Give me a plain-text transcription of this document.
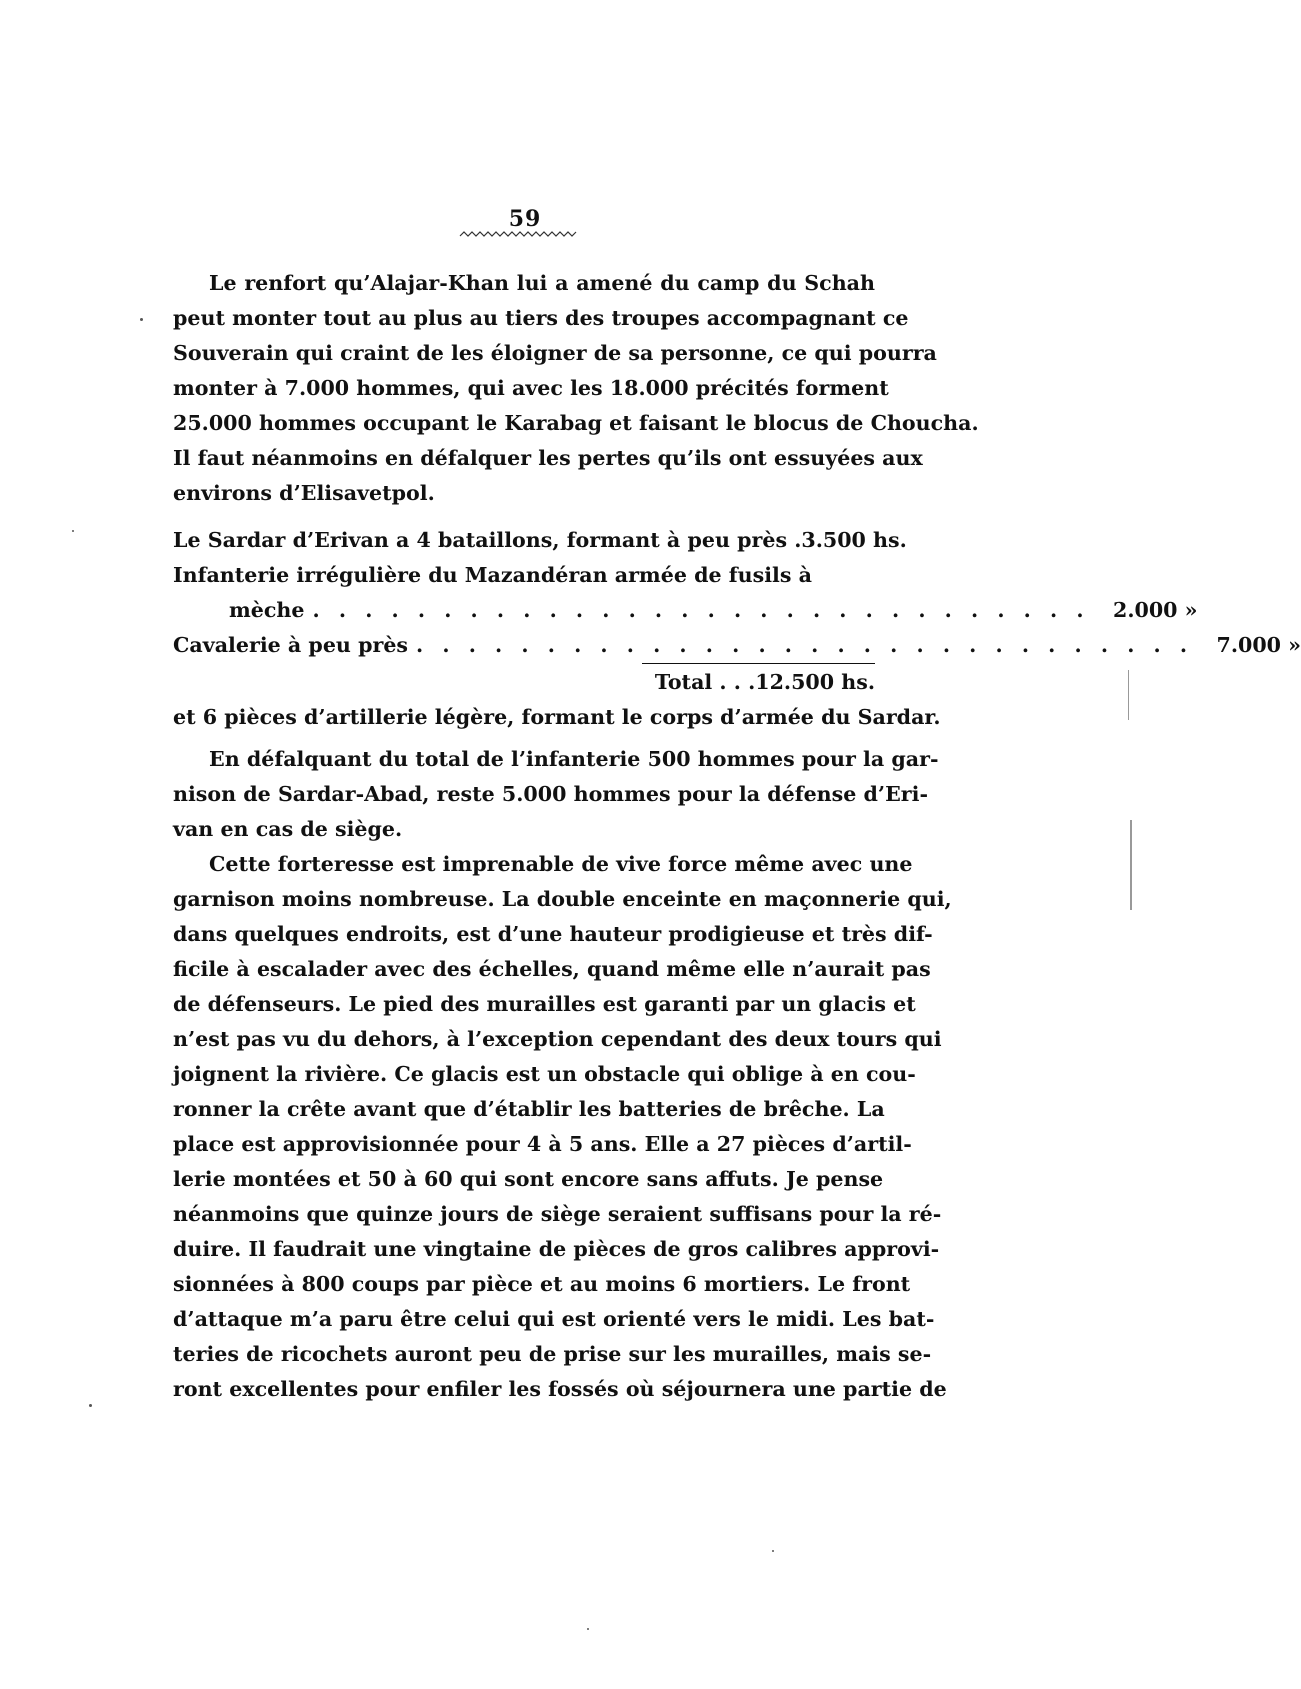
59
Le renfort qu’Alajar-Khan lui a amené du camp du Schah
peut monter tout au plus au tiers des troupes accompagnant ce
Souverain qui craint de les éloigner de sa personne, ce qui pourra
monter à 7.000 hommes, qui avec les 18.000 précités forment
25.000 hommes occupant le Karabag et faisant le blocus de Choucha.
Il faut néanmoins en défalquer les pertes qu’ils ont essuyées aux
environs d’Elisavetpol.
Le Sardar d’Erivan a 4 bataillons, formant à peu près . 3.500 hs.
Infanterie irrégulière du Mazandéran armée de fusils à
mèche . . . . . . . . . . . . . . . . . . . . . . . . . . . . . .	2.000 »
Cavalerie à peu près . . . . . . . . . . . . . . . . . . . . . . . . . . . . . .	7.000 »
Total . . . 12.500 hs.
et 6 pièces d’artillerie légère, formant le corps d’armée du Sardar.
En défalquant du total de l’infanterie 500 hommes pour la gar-
nison de Sardar-Abad, reste 5.000 hommes pour la défense d’Eri-
van en cas de siège.
Cette forteresse est imprenable de vive force même avec une
garnison moins nombreuse. La double enceinte en maçonnerie qui,
dans quelques endroits, est d’une hauteur prodigieuse et très dif-
ficile à escalader avec des échelles, quand même elle n’aurait pas
de défenseurs. Le pied des murailles est garanti par un glacis et
n’est pas vu du dehors, à l’exception cependant des deux tours qui
joignent la rivière. Ce glacis est un obstacle qui oblige à en cou-
ronner la crête avant que d’établir les batteries de brêche. La
place est approvisionnée pour 4 à 5 ans. Elle a 27 pièces d’artil-
lerie montées et 50 à 60 qui sont encore sans affuts. Je pense
néanmoins que quinze jours de siège seraient suffisans pour la ré-
duire. Il faudrait une vingtaine de pièces de gros calibres approvi-
sionnées à 800 coups par pièce et au moins 6 mortiers. Le front
d’attaque m’a paru être celui qui est orienté vers le midi. Les bat-
teries de ricochets auront peu de prise sur les murailles, mais se-
ront excellentes pour enfiler les fossés où séjournera une partie de
